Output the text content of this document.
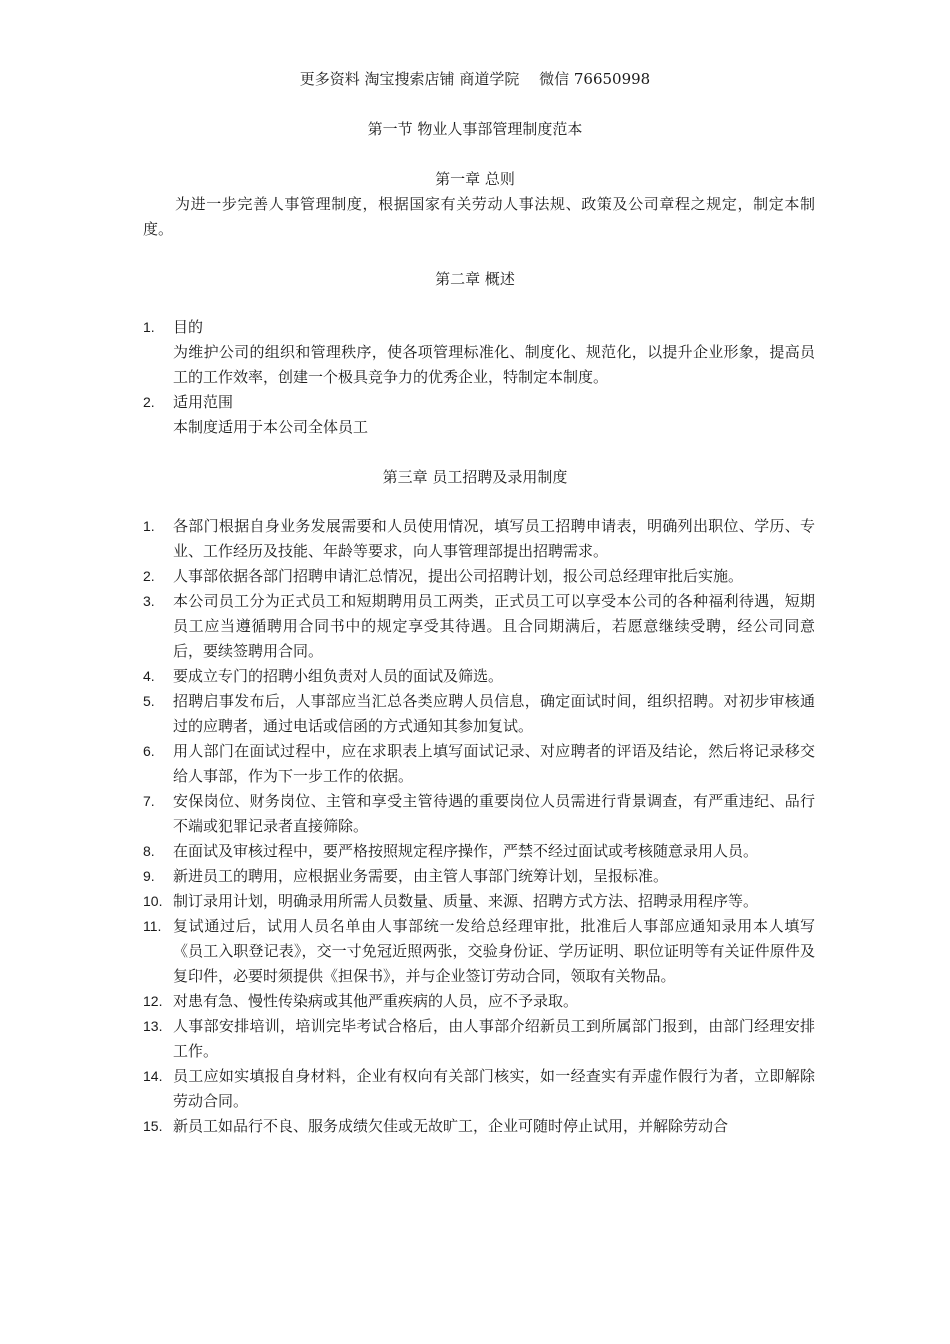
更多资料 淘宝搜索店铺 商道学院　 微信 76650998
第一节 物业人事部管理制度范本
第一章 总则
为进一步完善人事管理制度，根据国家有关劳动人事法规、政策及公司章程之规定，制定本制度。
第二章 概述
1.	目的
为维护公司的组织和管理秩序，使各项管理标准化、制度化、规范化，以提升企业形象，提高员工的工作效率，创建一个极具竞争力的优秀企业，特制定本制度。
2.	适用范围
本制度适用于本公司全体员工
第三章 员工招聘及录用制度
1.	各部门根据自身业务发展需要和人员使用情况，填写员工招聘申请表，明确列出职位、学历、专业、工作经历及技能、年龄等要求，向人事管理部提出招聘需求。
2.	人事部依据各部门招聘申请汇总情况，提出公司招聘计划，报公司总经理审批后实施。
3.	本公司员工分为正式员工和短期聘用员工两类，正式员工可以享受本公司的各种福利待遇，短期员工应当遵循聘用合同书中的规定享受其待遇。且合同期满后，若愿意继续受聘，经公司同意后，要续签聘用合同。
4.	要成立专门的招聘小组负责对人员的面试及筛选。
5.	招聘启事发布后，人事部应当汇总各类应聘人员信息，确定面试时间，组织招聘。对初步审核通过的应聘者，通过电话或信函的方式通知其参加复试。
6.	用人部门在面试过程中，应在求职表上填写面试记录、对应聘者的评语及结论，然后将记录移交给人事部，作为下一步工作的依据。
7.	安保岗位、财务岗位、主管和享受主管待遇的重要岗位人员需进行背景调查，有严重违纪、品行不端或犯罪记录者直接筛除。
8.	在面试及审核过程中，要严格按照规定程序操作，严禁不经过面试或考核随意录用人员。
9.	新进员工的聘用，应根据业务需要，由主管人事部门统筹计划，呈报标准。
10. 制订录用计划，明确录用所需人员数量、质量、来源、招聘方式方法、招聘录用程序等。
11. 复试通过后，试用人员名单由人事部统一发给总经理审批，批准后人事部应通知录用本人填写《员工入职登记表》，交一寸免冠近照两张，交验身份证、学历证明、职位证明等有关证件原件及复印件，必要时须提供《担保书》，并与企业签订劳动合同，领取有关物品。
12. 对患有急、慢性传染病或其他严重疾病的人员，应不予录取。
13. 人事部安排培训，培训完毕考试合格后，由人事部介绍新员工到所属部门报到，由部门经理安排工作。
14. 员工应如实填报自身材料，企业有权向有关部门核实，如一经查实有弄虚作假行为者，立即解除劳动合同。
15. 新员工如品行不良、服务成绩欠佳或无故旷工，企业可随时停止试用，并解除劳动合
